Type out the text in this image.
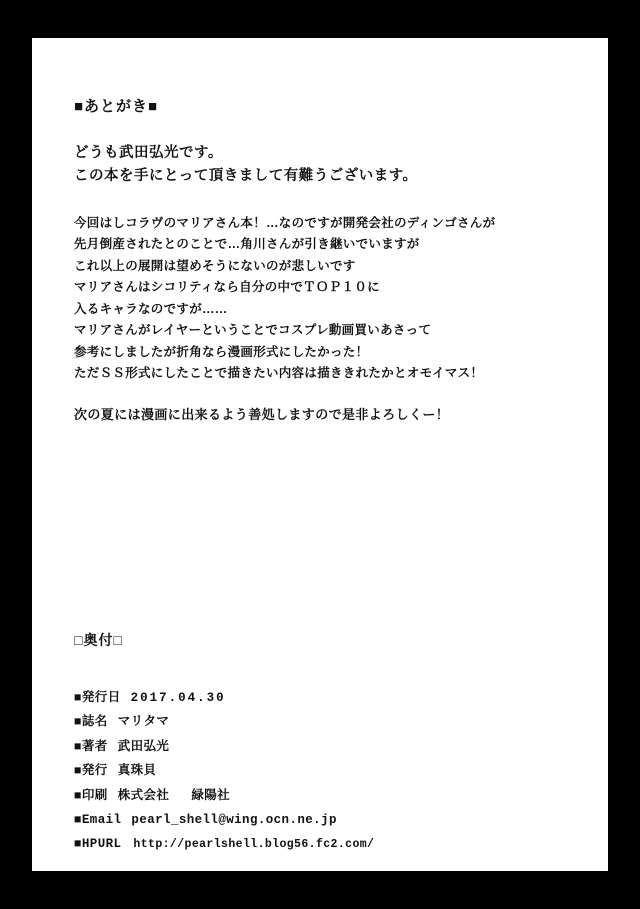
■あとがき■
どうも武田弘光です。
この本を手にとって頂きまして有難うございます。
今回はしコラヴのマリアさん本！…なのですが開発会社のディンゴさんが
先月倒産されたとのことで…角川さんが引き継いでいますが
これ以上の展開は望めそうにないのが悲しいです
マリアさんはシコリティなら自分の中でＴＯＰ１０に
入るキャラなのですが……
マリアさんがレイヤーということでコスプレ動画買いあさって
参考にしましたが折角なら漫画形式にしたかった！
ただＳＳ形式にしたことで描きたい内容は描ききれたかとオモイマス！
次の夏には漫画に出来るよう善処しますので是非よろしくー！
□奥付□
■発行日 2017.04.30
■誌名 マリタマ
■著者 武田弘光
■発行 真珠貝
■印刷 株式会社 緑陽社
■Email pearl_shell@wing.ocn.ne.jp
■HPURL http://pearlshell.blog56.fc2.com/
